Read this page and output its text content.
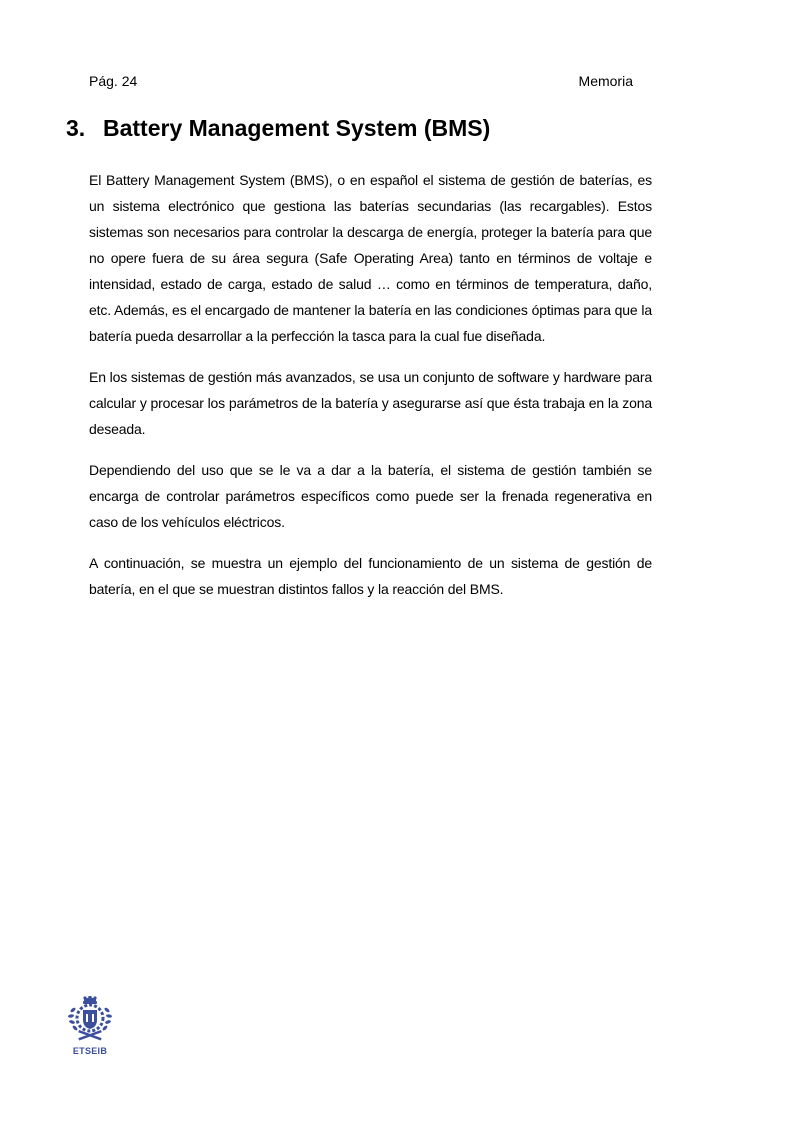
Pág. 24	Memoria
3. Battery Management System (BMS)

El Battery Management System (BMS), o en español el sistema de gestión de baterías, es un sistema electrónico que gestiona las baterías secundarias (las recargables). Estos sistemas son necesarios para controlar la descarga de energía, proteger la batería para que no opere fuera de su área segura (Safe Operating Area) tanto en términos de voltaje e intensidad, estado de carga, estado de salud … como en términos de temperatura, daño, etc. Además, es el encargado de mantener la batería en las condiciones óptimas para que la batería pueda desarrollar a la perfección la tasca para la cual fue diseñada.

En los sistemas de gestión más avanzados, se usa un conjunto de software y hardware para calcular y procesar los parámetros de la batería y asegurarse así que ésta trabaja en la zona deseada.

Dependiendo del uso que se le va a dar a la batería, el sistema de gestión también se encarga de controlar parámetros específicos como puede ser la frenada regenerativa en caso de los vehículos eléctricos.

A continuación, se muestra un ejemplo del funcionamiento de un sistema de gestión de batería, en el que se muestran distintos fallos y la reacción del BMS.

ETSEIB
